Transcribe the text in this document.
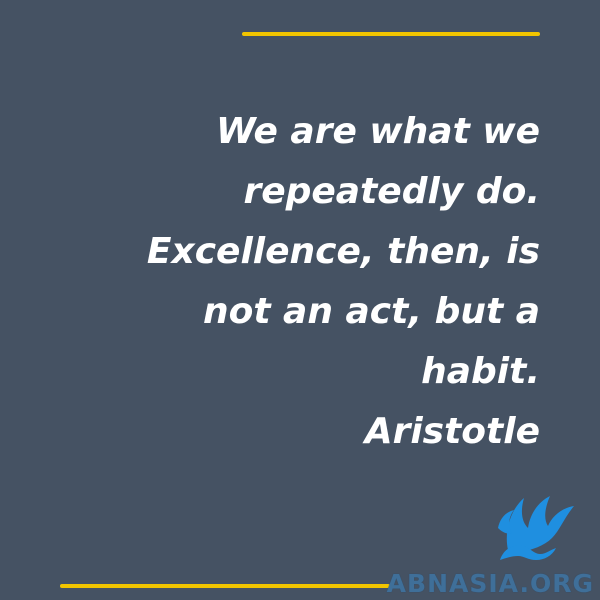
We are what we
repeatedly do.
Excellence, then, is
not an act, but a
habit.
Aristotle
ABNASIA.ORG
